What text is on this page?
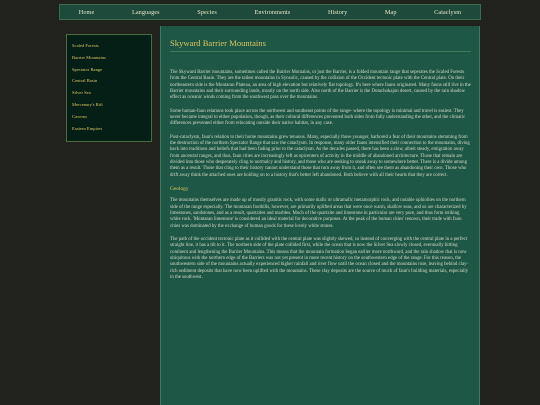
Home	Languages	Species	Environments	History	Map	Cataclysm
Scaled Forests
Barrier Mountains
Spectator Range
Central Basin
Silver Sea
Mercenary's Rift
Caverns
Eastern Empires
Skyward Barrier Mountains

The Skyward Barrier mountains, sometimes called the Barrier Montains, or just the Barrier, is a folded mountain range that seperates the Scaled Forests from the Central Basin. They are the tallest mountains in Synsolic, caused by the collision of the Occident tectonic plate with the Central plate. On their northeastern side is the Montaran Plateau, an area of high elevation but relatively flat topology. It's here where fauns originated. Many fauns still live in the Barrier mountains and their surrounding lands, mostly on the north side. Also north of the Barrier is the Dotachokajon desert, caused by the rain shadow effect as oceanic winds coming from the southwest pass over the mountains.

Some human-faun relations took place across the northwest and southeast points of the range- where the topology is minimal and travel is easiest. They never became integral to either population, though, as their cultural differences prevented both sides from fully understanding the other, and the climatic differences prevented either from relocating outside their native habitat, in any case.

Post-cataclysm, faun's relation to their home mountains grew tenuous. Many, especially those younger, harbored a fear of their mountains stemming from the destruction of the northern Spectator Range that saw the cataclysm. In response, many older fauns intensified their connection to the mountains, diving back into traditions and beliefs that had been fading prior to the cataclysm. As the decades passed, there has been a slow, albeit steady, emigration away from ancestral ranges, and thus, faun cities are increasingly left as epicenters of activity in the middle of abandoned architecture. Those that remain are divided into those who desperately cling to normalcy and history, and those who are seeking to sneak away to somewhere better. There is a divide among them as a result. Those that cling to their history cannot understand those that turn away from it, and often see them as abandoning their own. Those who drift away think the attached ones are holding on to a history that's better left abandoned. Both believe with all their hearts that they are correct.

Geology

The mountains themselves are made up of mostly granitic rock, with some mafic or ultramafic metamorphic rock, and notable ophiolites on the northern side of the range especially. The montaran foothills, however, are primarily uplifted areas that were once warm, shallow seas, and so are characterized by limestones, sandstones, and as a result, quartzites and marbles. Much of the quartzite and limestone in particular are very pure, and thus form striking white rock. 'Montaran limestone' is considered an ideal material for decorative purposes. At the peak of the human cities' renown, their trade with faun cities was dominated by the exchange of human goods for these lovely white stones.

The path of the occident tectonic plate as it collided with the central plate was slightly skewed, so instead of converging with the central plate in a perfect straight line, it has a tilt to it. The northern side of the plate collided first, while the ocean that is now the Silver Sea slowly closed, eventually hitting continent and lengthening the Barrier Mountains. This means that the mountain formation began earlier more northward, and the rain shadow that is now ubiquitous with the northern edge of the Barriers was not yet present in more recent history on the southwestern edge of the range. For this reason, the southwestern side of the mountains actually experienced higher rainfall and river flow until the ocean closed and the mountains rose, leaving behind clay-rich sediment deposits that have now been uplifted with the mountains. These clay deposits are the source of much of faun's building materials, especially in the southwest.
